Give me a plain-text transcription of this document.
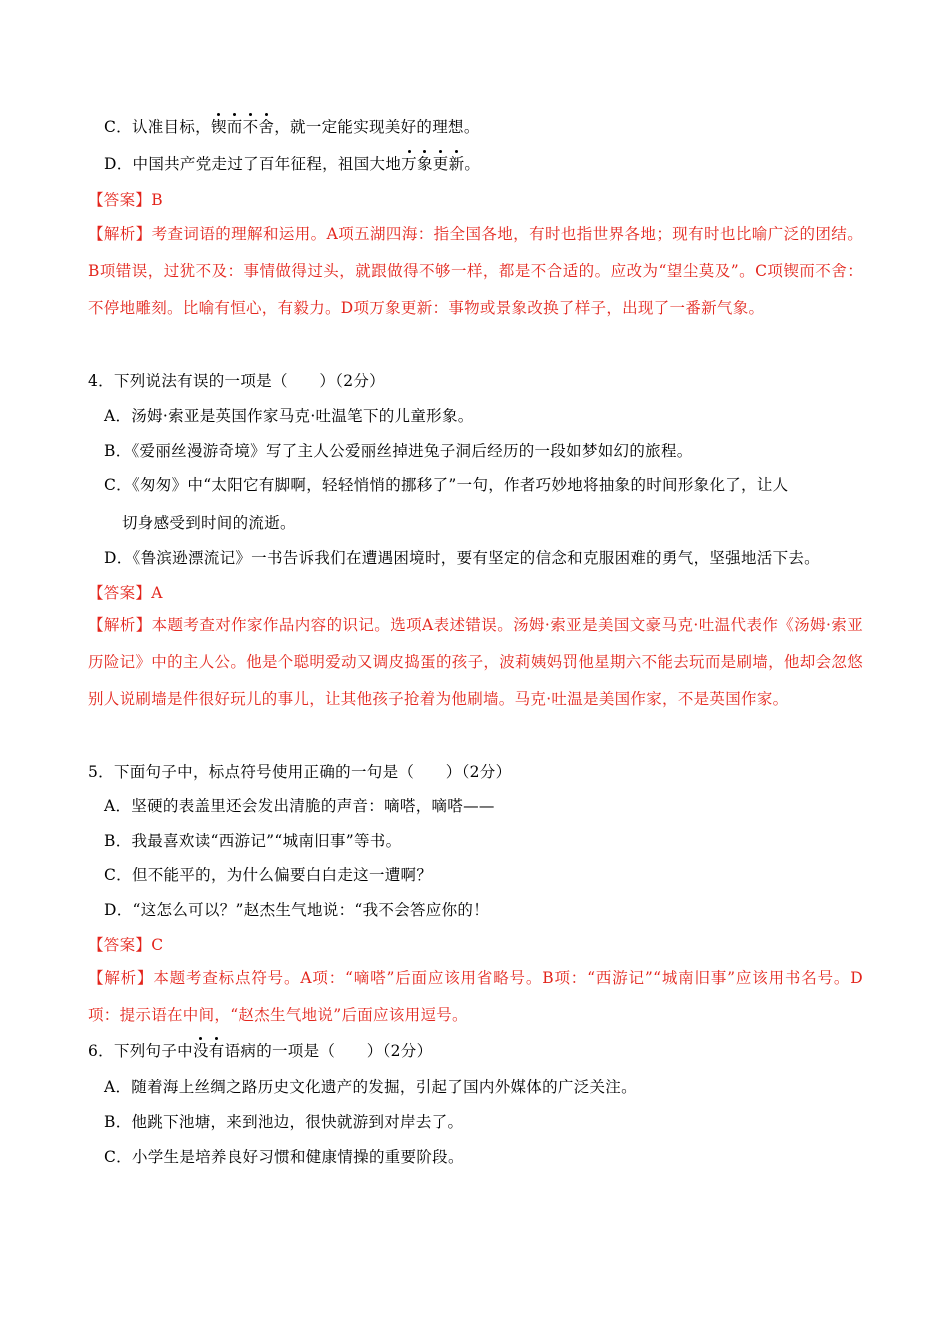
C．认准目标，锲而不舍，就一定能实现美好的理想。
D．中国共产党走过了百年征程，祖国大地万象更新。
【答案】B
【解析】考查词语的理解和运用。A项五湖四海：指全国各地，有时也指世界各地；现有时也比喻广泛的团结。B项错误，过犹不及：事情做得过头，就跟做得不够一样，都是不合适的。应改为“望尘莫及”。C项锲而不舍：不停地雕刻。比喻有恒心，有毅力。D项万象更新：事物或景象改换了样子，出现了一番新气象。
4．下列说法有误的一项是（　　）（2分）
A．汤姆·索亚是英国作家马克·吐温笔下的儿童形象。
B．《爱丽丝漫游奇境》写了主人公爱丽丝掉进兔子洞后经历的一段如梦如幻的旅程。
C．《匆匆》中“太阳它有脚啊，轻轻悄悄的挪移了”一句，作者巧妙地将抽象的时间形象化了，让人
切身感受到时间的流逝。
D．《鲁滨逊漂流记》一书告诉我们在遭遇困境时，要有坚定的信念和克服困难的勇气，坚强地活下去。
【答案】A
【解析】本题考查对作家作品内容的识记。选项A表述错误。汤姆·索亚是美国文豪马克·吐温代表作《汤姆·索亚历险记》中的主人公。他是个聪明爱动又调皮捣蛋的孩子，波莉姨妈罚他星期六不能去玩而是刷墙，他却会忽悠别人说刷墙是件很好玩儿的事儿，让其他孩子抢着为他刷墙。马克·吐温是美国作家，不是英国作家。
5．下面句子中，标点符号使用正确的一句是（　　）（2分）
A．坚硬的表盖里还会发出清脆的声音：嘀嗒，嘀嗒——
B．我最喜欢读“西游记”“城南旧事”等书。
C．但不能平的，为什么偏要白白走这一遭啊？
D．“这怎么可以？”赵杰生气地说：“我不会答应你的！
【答案】C
【解析】本题考查标点符号。A项：“嘀嗒”后面应该用省略号。B项：“西游记”“城南旧事”应该用书名号。D项：提示语在中间，“赵杰生气地说”后面应该用逗号。
6．下列句子中没有语病的一项是（　　）（2分）
A．随着海上丝绸之路历史文化遗产的发掘，引起了国内外媒体的广泛关注。
B．他跳下池塘，来到池边，很快就游到对岸去了。
C．小学生是培养良好习惯和健康情操的重要阶段。
